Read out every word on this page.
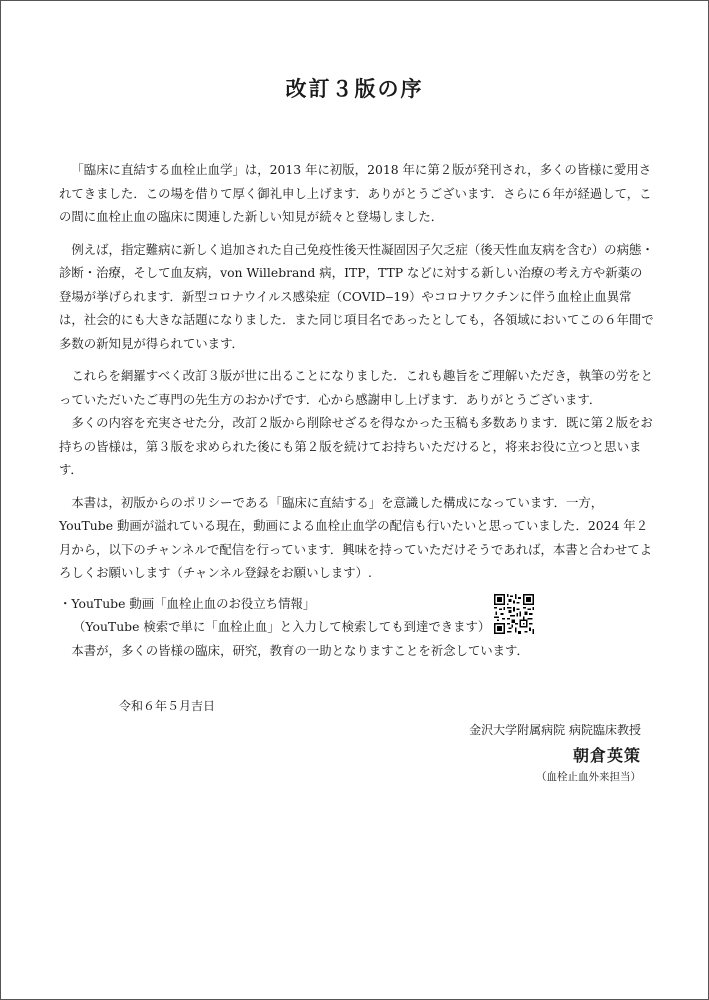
改訂３版の序

「臨床に直結する血栓止血学」は，2013 年に初版，2018 年に第２版が発刊され，多くの皆様に愛用されてきました．この場を借りて厚く御礼申し上げます．ありがとうございます．さらに６年が経過して，この間に血栓止血の臨床に関連した新しい知見が続々と登場しました．

例えば，指定難病に新しく追加された自己免疫性後天性凝固因子欠乏症（後天性血友病を含む）の病態・診断・治療，そして血友病，von Willebrand 病，ITP，TTP などに対する新しい治療の考え方や新薬の登場が挙げられます．新型コロナウイルス感染症（COVID‒19）やコロナワクチンに伴う血栓止血異常は，社会的にも大きな話題になりました．また同じ項目名であったとしても，各領域においてこの６年間で多数の新知見が得られています．

これらを網羅すべく改訂３版が世に出ることになりました．これも趣旨をご理解いただき，執筆の労をとっていただいたご専門の先生方のおかげです．心から感謝申し上げます．ありがとうございます．

多くの内容を充実させた分，改訂２版から削除せざるを得なかった玉稿も多数あります．既に第２版をお持ちの皆様は，第３版を求められた後にも第２版を続けてお持ちいただけると，将来お役に立つと思います．

本書は，初版からのポリシーである「臨床に直結する」を意識した構成になっています．一方，YouTube 動画が溢れている現在，動画による血栓止血学の配信も行いたいと思っていました．2024 年２月から，以下のチャンネルで配信を行っています．興味を持っていただけそうであれば，本書と合わせてよろしくお願いします（チャンネル登録をお願いします）.

・YouTube 動画「血栓止血のお役立ち情報」
（YouTube 検索で単に「血栓止血」と入力して検索しても到達できます）

本書が，多くの皆様の臨床，研究，教育の一助となりますことを祈念しています．

令和６年５月吉日
金沢大学附属病院 病院臨床教授
朝倉英策
（血栓止血外来担当）
